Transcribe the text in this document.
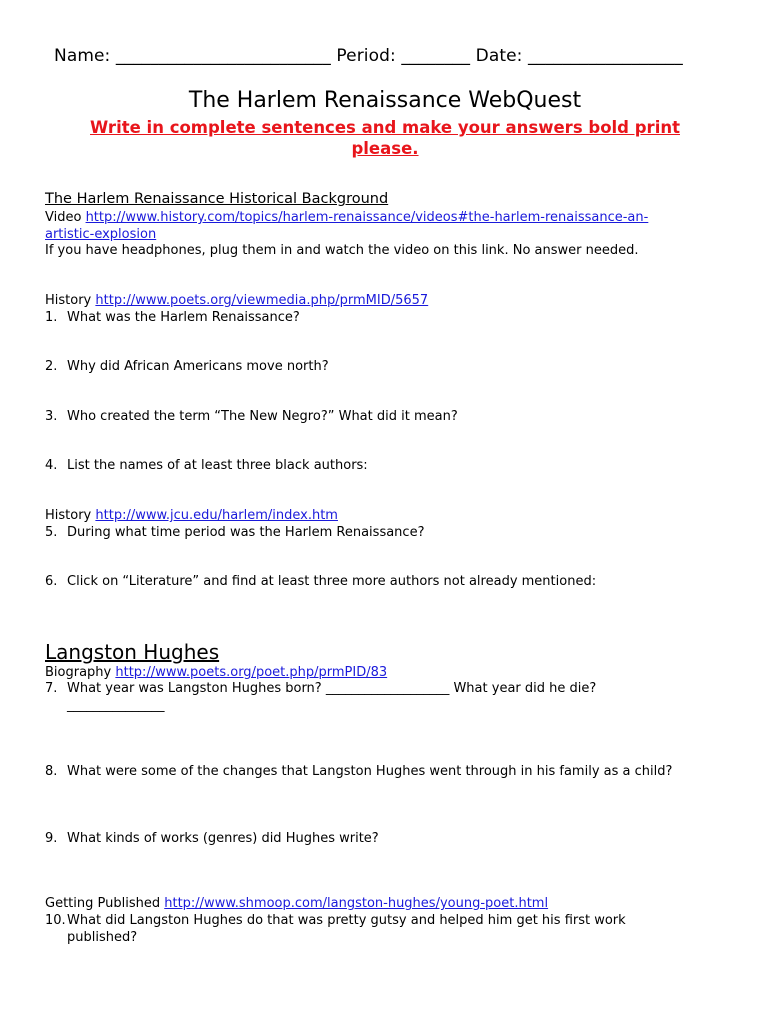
Name: _________________________ Period: ________ Date: __________________
The Harlem Renaissance WebQuest
Write in complete sentences and make your answers bold print please.
The Harlem Renaissance Historical Background
Video http://www.history.com/topics/harlem-renaissance/videos#the-harlem-renaissance-an-
artistic-explosion
If you have headphones, plug them in and watch the video on this link. No answer needed.
History http://www.poets.org/viewmedia.php/prmMID/5657
1. What was the Harlem Renaissance?
2. Why did African Americans move north?
3. Who created the term “The New Negro?” What did it mean?
4. List the names of at least three black authors:
History http://www.jcu.edu/harlem/index.htm
5. During what time period was the Harlem Renaissance?
6. Click on “Literature” and find at least three more authors not already mentioned:
Langston Hughes
Biography http://www.poets.org/poet.php/prmPID/83
7. What year was Langston Hughes born? ___________________ What year did he die?
_______________
8. What were some of the changes that Langston Hughes went through in his family as a child?
9. What kinds of works (genres) did Hughes write?
Getting Published http://www.shmoop.com/langston-hughes/young-poet.html
10.What did Langston Hughes do that was pretty gutsy and helped him get his first work
published?
